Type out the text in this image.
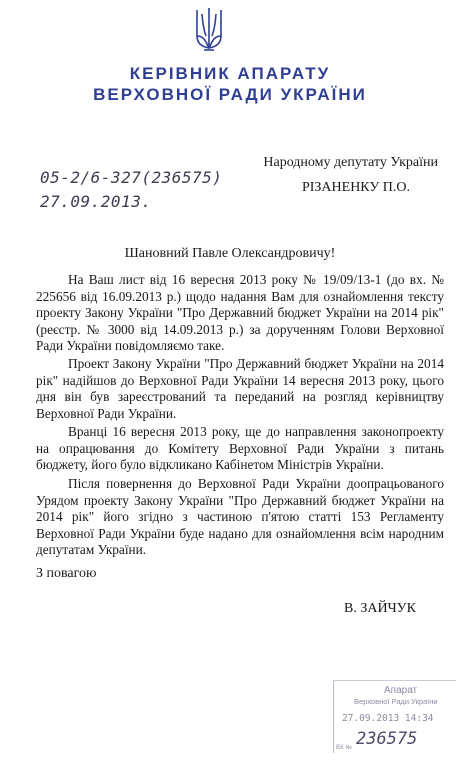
КЕРІВНИК АПАРАТУ
ВЕРХОВНОЇ РАДИ УКРАЇНИ
05-2/6-327(236575)
27.09.2013.
Народному депутату України
РІЗАНЕНКУ П.О.
Шановний Павле Олександровичу!

На Ваш лист від 16 вересня 2013 року № 19/09/13-1 (до вх. № 225656 від 16.09.2013 р.) щодо надання Вам для ознайомлення тексту проекту Закону України "Про Державний бюджет України на 2014 рік" (реєстр. № 3000 від 14.09.2013 р.) за дорученням Голови Верховної Ради України повідомляємо таке.

Проект Закону України "Про Державний бюджет України на 2014 рік" надійшов до Верховної Ради України 14 вересня 2013 року, цього дня він був зареєстрований та переданий на розгляд керівництву Верховної Ради України.

Вранці 16 вересня 2013 року, ще до направлення законопроекту на опрацювання до Комітету Верховної Ради України з питань бюджету, його було відкликано Кабінетом Міністрів України.

Після повернення до Верховної Ради України доопрацьованого Урядом проекту Закону України "Про Державний бюджет України на 2014 рік" його згідно з частиною п'ятою статті 153 Регламенту Верховної Ради України буде надано для ознайомлення всім народним депутатам України.

З повагою
В. ЗАЙЧУК
Апарат
Верховної Ради України
27.09.2013 14:34
236575
ВХ №
